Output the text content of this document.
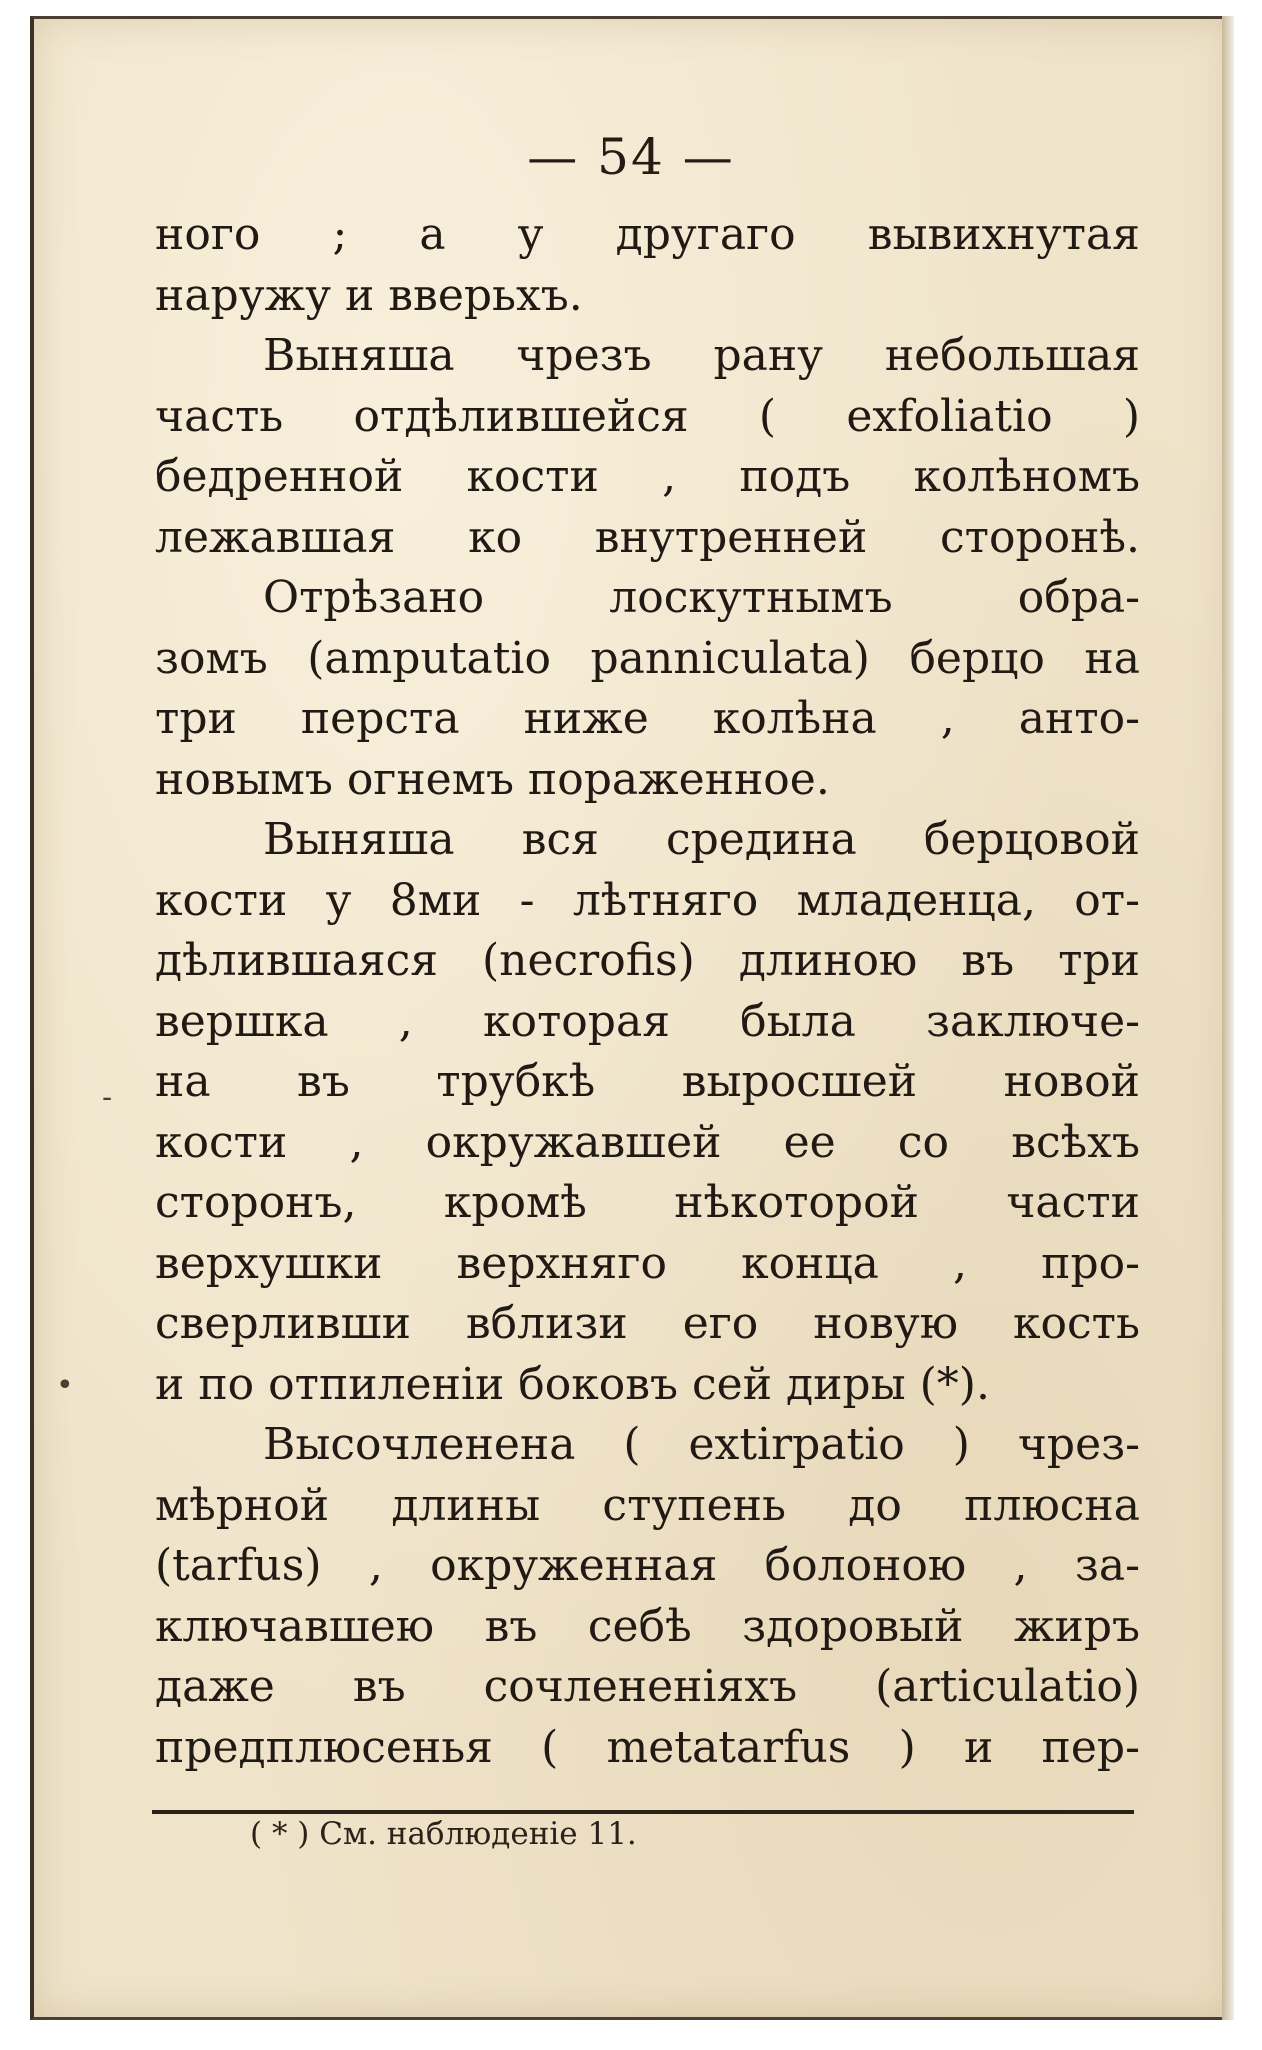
— 54 —
ного ; а у другаго вывихнутая
наружу и вверьхъ.
Выняша чрезъ рану небольшая
часть отдѣлившейся ( exfoliatio )
бедренной кости , подъ колѣномъ
лежавшая ко внутренней сторонѣ.
Отрѣзано	лоскутнымъ	обра-
зомъ (amputatio panniculata) берцо на
три перста ниже колѣна , анто-
новымъ огнемъ пораженное.
Выняша вся средина берцовой
кости у 8ми - лѣтняго младенца, от-
дѣлившаяся (necrofis) длиною въ три
вершка , которая была заключе-
на въ трубкѣ выросшей новой
кости , окружавшей ее со всѣхъ
сторонъ, кромѣ нѣкоторой части
верхушки верхняго конца , про-
сверливши вблизи его новую кость
и по отпиленіи боковъ сей диры (*).
Высочленена ( extirpatio ) чрез-
мѣрной длины ступень до плюсна
(tarfus) , окруженная болоною , за-
ключавшею въ себѣ здоровый жиръ
даже въ сочлененіяхъ (articulatio)
предплюсенья ( metatarfus ) и пер-
-
•
( * ) См. наблюденіе 11.
